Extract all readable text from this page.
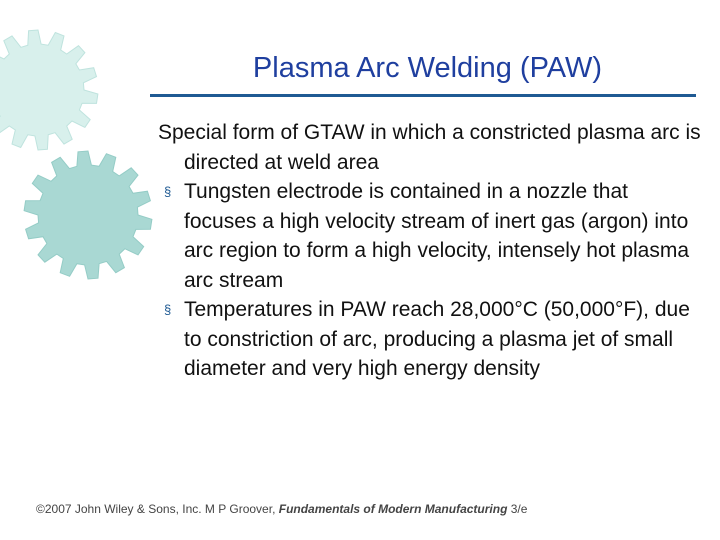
Plasma Arc Welding (PAW)

Special form of GTAW in which a constricted plasma arc is directed at weld area

§ Tungsten electrode is contained in a nozzle that focuses a high velocity stream of inert gas (argon) into arc region to form a high velocity, intensely hot plasma arc stream

§ Temperatures in PAW reach 28,000°C (50,000°F), due to constriction of arc, producing a plasma jet of small diameter and very high energy density

©2007 John Wiley & Sons, Inc. M P Groover, Fundamentals of Modern Manufacturing 3/e
